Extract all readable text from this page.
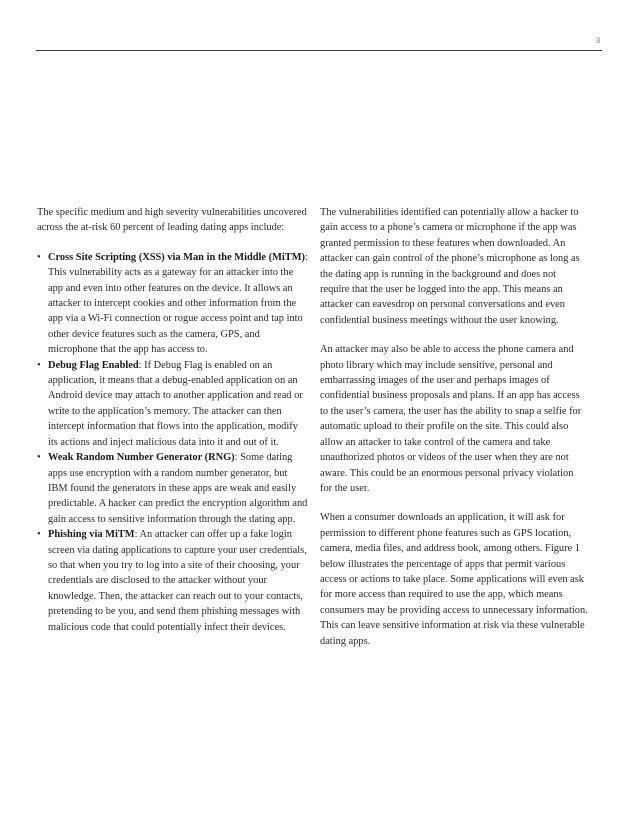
3

The specific medium and high severity vulnerabilities uncovered across the at-risk 60 percent of leading dating apps include:

• Cross Site Scripting (XSS) via Man in the Middle (MiTM): This vulnerability acts as a gateway for an attacker into the app and even into other features on the device. It allows an attacker to intercept cookies and other information from the app via a Wi-Fi connection or rogue access point and tap into other device features such as the camera, GPS, and microphone that the app has access to.
• Debug Flag Enabled: If Debug Flag is enabled on an application, it means that a debug-enabled application on an Android device may attach to another application and read or write to the application’s memory. The attacker can then intercept information that flows into the application, modify its actions and inject malicious data into it and out of it.
• Weak Random Number Generator (RNG): Some dating apps use encryption with a random number generator, but IBM found the generators in these apps are weak and easily predictable. A hacker can predict the encryption algorithm and gain access to sensitive information through the dating app.
• Phishing via MiTM: An attacker can offer up a fake login screen via dating applications to capture your user credentials, so that when you try to log into a site of their choosing, your credentials are disclosed to the attacker without your knowledge. Then, the attacker can reach out to your contacts, pretending to be you, and send them phishing messages with malicious code that could potentially infect their devices.

The vulnerabilities identified can potentially allow a hacker to gain access to a phone’s camera or microphone if the app was granted permission to these features when downloaded. An attacker can gain control of the phone’s microphone as long as the dating app is running in the background and does not require that the user be logged into the app. This means an attacker can eavesdrop on personal conversations and even confidential business meetings without the user knowing.

An attacker may also be able to access the phone camera and photo library which may include sensitive, personal and embarrassing images of the user and perhaps images of confidential business proposals and plans. If an app has access to the user’s camera, the user has the ability to snap a selfie for automatic upload to their profile on the site. This could also allow an attacker to take control of the camera and take unauthorized photos or videos of the user when they are not aware. This could be an enormous personal privacy violation for the user.

When a consumer downloads an application, it will ask for permission to different phone features such as GPS location, camera, media files, and address book, among others. Figure 1 below illustrates the percentage of apps that permit various access or actions to take place. Some applications will even ask for more access than required to use the app, which means consumers may be providing access to unnecessary information. This can leave sensitive information at risk via these vulnerable dating apps.
